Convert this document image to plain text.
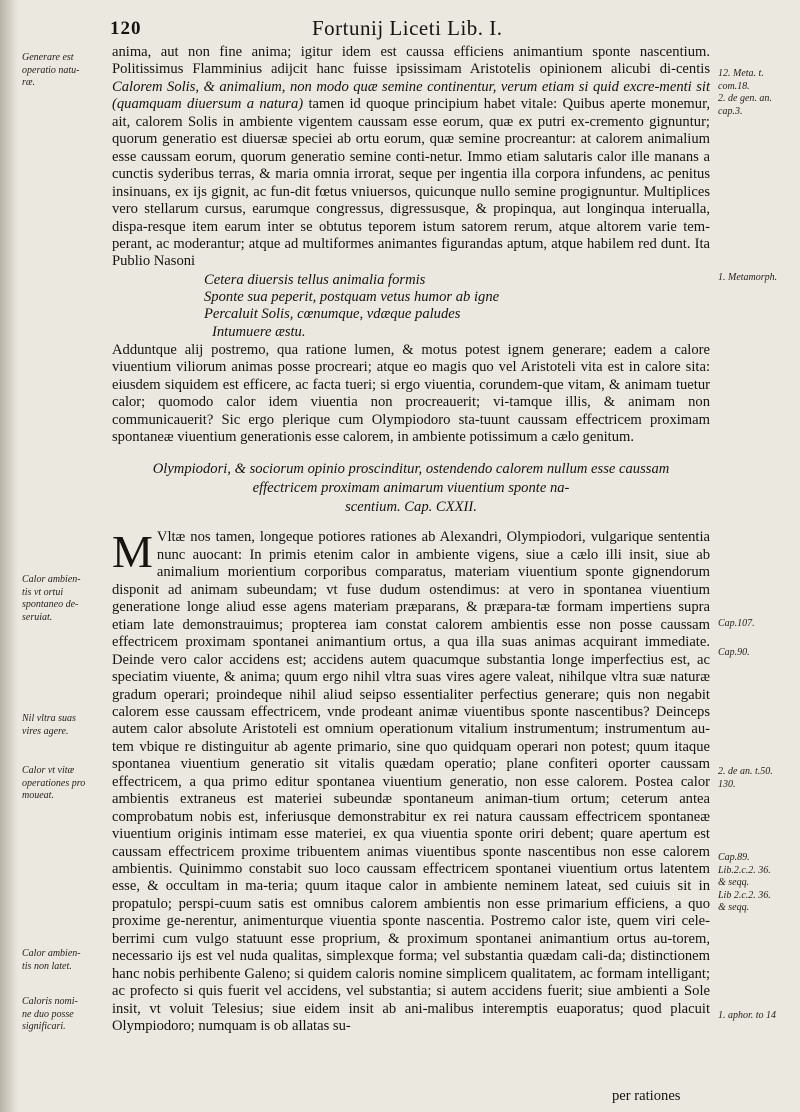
120	Fortunij Liceti Lib. I.
Generare est
operatio natu-
ræ.
Calor ambien-
tis vt ortui
spontaneo de-
seruiat.
Nil vltra suas
vires agere.
Calor vt vitæ
operationes pro
moueat.
Calor ambien-
tis non latet.
Caloris nomi-
ne duo posse
significari.
12. Meta. t.
com.18.
2. de gen. an.
cap.3.
1. Metamorph.
Cap.107.
Cap.90.
2. de an. t.50.
130.
Cap.89.
Lib.2.c.2. 36.
& seqq.
Lib 2.c.2. 36.
& seqq.
1. aphor. to 14

anima, aut non fine anima; igitur idem est caussa efficiens animantium sponte nascentium. Politissimus Flamminius adijcit hanc fuisse ipsissimam Aristotelis opinionem alicubi di-centis Calorem Solis, & animalium, non modo quæ semine continentur, verum etiam si quid excre-menti sit (quamquam diuersum a natura) tamen id quoque principium habet vitale: Quibus aperte monemur, ait, calorem Solis in ambiente vigentem caussam esse eorum, quæ ex putri ex-cremento gignuntur; quorum generatio est diuersæ speciei ab ortu eorum, quæ semine procreantur: at calorem animalium esse caussam eorum, quorum generatio semine conti-netur. Immo etiam salutaris calor ille manans a cunctis syderibus terras, & maria omnia irrorat, seque per ingentia illa corpora infundens, ac penitus insinuans, ex ijs gignit, ac fun-dit fœtus vniuersos, quicunque nullo semine progignuntur. Multiplices vero stellarum cursus, earumque congressus, digressusque, & propinqua, aut longinqua interualla, dispa-resque item earum inter se obtutus teporem istum satorem rerum, atque altorem varie tem-perant, ac moderantur; atque ad multiformes animantes figurandas aptum, atque habilem red dunt. Ita Publio Nasoni

Cetera diuersis tellus animalia formis
Sponte sua peperit, postquam vetus humor ab igne
Percaluit Solis, cœnumque, vdæque paludes
Intumuere æstu.

Adduntque alij postremo, qua ratione lumen, & motus potest ignem generare; eadem a calore viuentium viliorum animas posse procreari; atque eo magis quo vel Aristoteli vita est in calore sita: eiusdem siquidem est efficere, ac facta tueri; si ergo viuentia, corundem-que vitam, & animam tuetur calor; quomodo calor idem viuentia non procreauerit; vi-tamque illis, & animam non communicauerit? Sic ergo plerique cum Olympiodoro sta-tuunt caussam effectricem proximam spontaneæ viuentium generationis esse calorem, in ambiente potissimum a cælo genitum.

Olympiodori, & sociorum opinio proscinditur, ostendendo calorem nullum esse caussam
effectricem proximam animarum viuentium sponte na-
scentium. Cap. CXXII.

M Vltæ nos tamen, longeque potiores rationes ab Alexandri, Olympiodori, vulgarique sententia nunc auocant: In primis etenim calor in ambiente vigens, siue a cælo illi insit, siue ab animalium morientium corporibus comparatus, materiam viuentium sponte gignendorum disponit ad animam subeundam; vt fuse dudum ostendimus: at vero in spontanea viuentium generatione longe aliud esse agens materiam præparans, & præpara-tæ formam impertiens supra etiam late demonstrauimus; propterea iam constat calorem ambientis esse non posse caussam effectricem proximam spontanei animantium ortus, a qua illa suas animas acquirant immediate. Deinde vero calor accidens est; accidens autem quacumque substantia longe imperfectius est, ac speciatim viuente, & anima; quum ergo nihil vltra suas vires agere valeat, nihilque vltra suæ naturæ gradum operari; proindeque nihil aliud seipso essentialiter perfectius generare; quis non negabit calorem esse caussam effectricem, vnde prodeant animæ viuentibus sponte nascentibus? Deinceps autem calor absolute Aristoteli est omnium operationum vitalium instrumentum; instrumentum au-tem vbique re distinguitur ab agente primario, sine quo quidquam operari non potest; quum itaque spontanea viuentium generatio sit vitalis quædam operatio; plane confiteri oporter caussam effectricem, a qua primo editur spontanea viuentium generatio, non esse calorem. Postea calor ambientis extraneus est materiei subeundæ spontaneum animan-tium ortum; ceterum antea comprobatum nobis est, inferiusque demonstrabitur ex rei natura caussam effectricem spontaneæ viuentium originis intimam esse materiei, ex qua viuentia sponte oriri debent; quare apertum est caussam effectricem proxime tribuentem animas viuentibus sponte nascentibus non esse calorem ambientis. Quinimmo constabit suo loco caussam effectricem spontanei viuentium ortus latentem esse, & occultam in ma-teria; quum itaque calor in ambiente neminem lateat, sed cuiuis sit in propatulo; perspi-cuum satis est omnibus calorem ambientis non esse primarium efficiens, a quo proxime ge-nerentur, animenturque viuentia sponte nascentia. Postremo calor iste, quem viri cele-berrimi cum vulgo statuunt esse proprium, & proximum spontanei animantium ortus au-torem, necessario ijs est vel nuda qualitas, simplexque forma; vel substantia quædam cali-da; distinctionem hanc nobis perhibente Galeno; si quidem caloris nomine simplicem qualitatem, ac formam intelligant; ac profecto si quis fuerit vel accidens, vel substantia; si autem accidens fuerit; siue ambienti a Sole insit, vt voluit Telesius; siue eidem insit ab ani-malibus interemptis euaporatus; quod placuit Olympiodoro; numquam is ob allatas su-

per rationes
